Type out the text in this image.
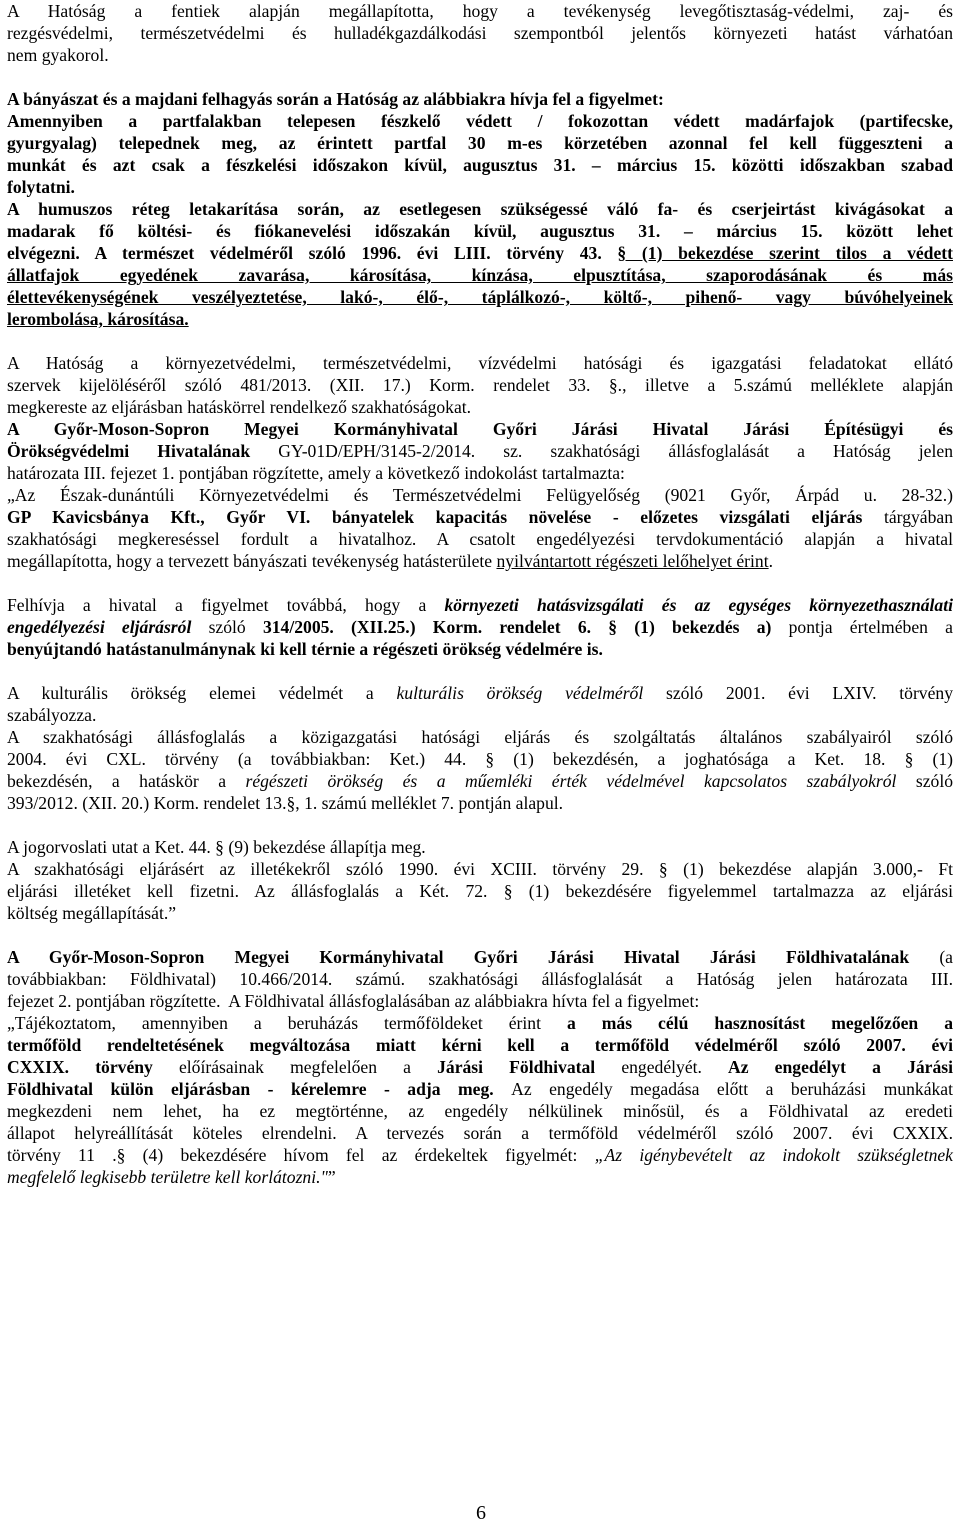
A Hatóság a fentiek alapján megállapította, hogy a tevékenység levegőtisztaság-védelmi, zaj- és
rezgésvédelmi, természetvédelmi és hulladékgazdálkodási szempontból jelentős környezeti hatást várhatóan
nem gyakorol.
A bányászat és a majdani felhagyás során a Hatóság az alábbiakra hívja fel a figyelmet:
Amennyiben a partfalakban telepesen fészkelő védett / fokozottan védett madárfajok (partifecske,
gyurgyalag) telepednek meg, az érintett partfal 30 m-es körzetében azonnal fel kell függeszteni a
munkát és azt csak a fészkelési időszakon kívül, augusztus 31. – március 15. közötti időszakban szabad
folytatni.
A humuszos réteg letakarítása során, az esetlegesen szükségessé váló fa- és cserjeirtást kivágásokat a
madarak fő költési- és fiókanevelési időszakán kívül, augusztus 31. – március 15. között lehet
elvégezni. A természet védelméről szóló 1996. évi LIII. törvény 43. § (1) bekezdése szerint tilos a védett
állatfajok egyedének zavarása, károsítása, kínzása, elpusztítása, szaporodásának és más
élettevékenységének veszélyeztetése, lakó-, élő-, táplálkozó-, költő-, pihenő- vagy búvóhelyeinek
lerombolása, károsítása.
A Hatóság a környezetvédelmi, természetvédelmi, vízvédelmi hatósági és igazgatási feladatokat ellátó
szervek kijelöléséről szóló 481/2013. (XII. 17.) Korm. rendelet 33. §., illetve a 5.számú melléklete alapján
megkereste az eljárásban hatáskörrel rendelkező szakhatóságokat.
A Győr-Moson-Sopron Megyei Kormányhivatal Győri Járási Hivatal Járási Építésügyi és
Örökségvédelmi Hivatalának GY-01D/EPH/3145-2/2014. sz. szakhatósági állásfoglalását a Hatóság jelen
határozata III. fejezet 1. pontjában rögzítette, amely a következő indokolást tartalmazta:
„Az Észak-dunántúli Környezetvédelmi és Természetvédelmi Felügyelőség (9021 Győr, Árpád u. 28-32.)
GP Kavicsbánya Kft., Győr VI. bányatelek kapacitás növelése - előzetes vizsgálati eljárás tárgyában
szakhatósági megkereséssel fordult a hivatalhoz. A csatolt engedélyezési tervdokumentáció alapján a hivatal
megállapította, hogy a tervezett bányászati tevékenység hatásterülete nyilvántartott régészeti lelőhelyet érint.
Felhívja a hivatal a figyelmet továbbá, hogy a környezeti hatásvizsgálati és az egységes környezethasználati
engedélyezési eljárásról szóló 314/2005. (XII.25.) Korm. rendelet 6. § (1) bekezdés a) pontja értelmében a
benyújtandó hatástanulmánynak ki kell térnie a régészeti örökség védelmére is.
A kulturális örökség elemei védelmét a kulturális örökség védelméről szóló 2001. évi LXIV. törvény
szabályozza.
A szakhatósági állásfoglalás a közigazgatási hatósági eljárás és szolgáltatás általános szabályairól szóló
2004. évi CXL. törvény (a továbbiakban: Ket.) 44. § (1) bekezdésén, a joghatósága a Ket. 18. § (1)
bekezdésén, a hatáskör a régészeti örökség és a műemléki érték védelmével kapcsolatos szabályokról szóló
393/2012. (XII. 20.) Korm. rendelet 13.§, 1. számú melléklet 7. pontján alapul.
A jogorvoslati utat a Ket. 44. § (9) bekezdése állapítja meg.
A szakhatósági eljárásért az illetékekről szóló 1990. évi XCIII. törvény 29. § (1) bekezdése alapján 3.000,- Ft
eljárási illetéket kell fizetni. Az állásfoglalás a Két. 72. § (1) bekezdésére figyelemmel tartalmazza az eljárási
költség megállapítását.”
A Győr-Moson-Sopron Megyei Kormányhivatal Győri Járási Hivatal Járási Földhivatalának (a
továbbiakban: Földhivatal) 10.466/2014. számú. szakhatósági állásfoglalását a Hatóság jelen határozata III.
fejezet 2. pontjában rögzítette.  A Földhivatal állásfoglalásában az alábbiakra hívta fel a figyelmet:
„Tájékoztatom, amennyiben a beruházás termőföldeket érint a más célú hasznosítást megelőzően a
termőföld rendeltetésének megváltozása miatt kérni kell a termőföld védelméről szóló 2007. évi
CXXIX. törvény előírásainak megfelelően a Járási Földhivatal engedélyét. Az engedélyt a Járási
Földhivatal külön eljárásban - kérelemre - adja meg. Az engedély megadása előtt a beruházási munkákat
megkezdeni nem lehet, ha ez megtörténne, az engedély nélkülinek minősül, és a Földhivatal az eredeti
állapot helyreállítását köteles elrendelni. A tervezés során a termőföld védelméről szóló 2007. évi CXXIX.
törvény 11 .§ (4) bekezdésére hívom fel az érdekeltek figyelmét: „Az igénybevételt az indokolt szükségletnek
megfelelő legkisebb területre kell korlátozni."”
6
